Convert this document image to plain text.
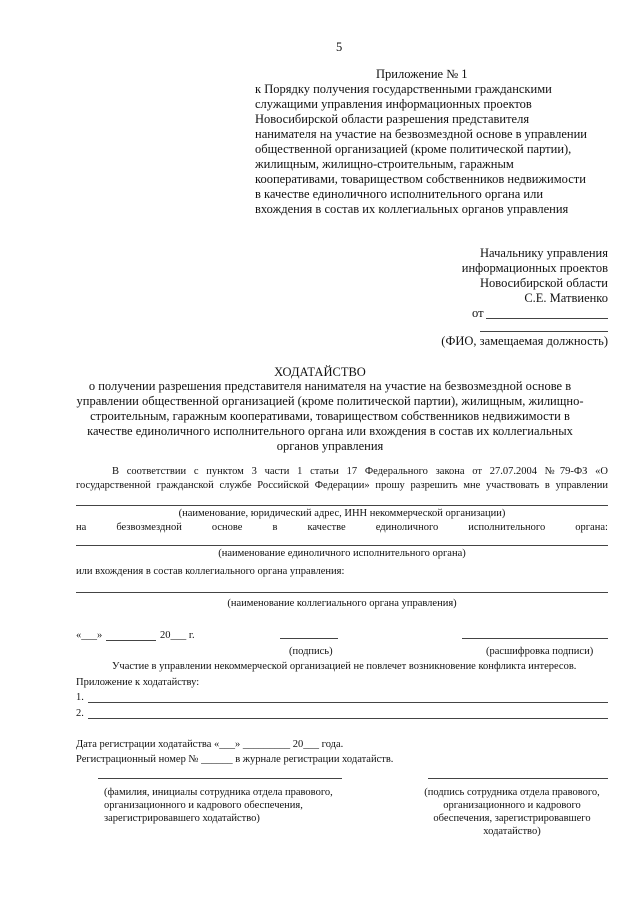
5
Приложение № 1
к Порядку получения государственными гражданскими
служащими управления информационных проектов
Новосибирской области разрешения представителя
нанимателя на участие на безвозмездной основе в управлении
общественной организацией (кроме политической партии),
жилищным, жилищно-строительным, гаражным
кооперативами, товариществом собственников недвижимости
в качестве единоличного исполнительного органа или
вхождения в состав их коллегиальных органов управления
Начальнику управления
информационных проектов
Новосибирской области
С.Е. Матвиенко
от
(ФИО, замещаемая должность)
ХОДАТАЙСТВО
о получении разрешения представителя нанимателя на участие на безвозмездной основе в
управлении общественной организацией (кроме политической партии), жилищным, жилищно-
строительным, гаражным кооперативами, товариществом собственников недвижимости в
качестве единоличного исполнительного органа или вхождения в состав их коллегиальных
органов управления
В соответствии с пунктом 3 части 1 статьи 17 Федерального закона от 27.07.2004 №79-ФЗ «О
государственной гражданской службе Российской Федерации» прошу разрешить мне участвовать в управлении
(наименование, юридический адрес, ИНН некоммерческой организации)
на	безвозмездной	основе	в	качестве	единоличного	исполнительного	органа:
(наименование единоличного исполнительного органа)
или вхождения в состав коллегиального органа управления:
(наименование коллегиального органа управления)
«___»	20___ г.
(подпись)	(расшифровка подписи)
Участие в управлении некоммерческой организацией не повлечет возникновение конфликта интересов.
Приложение к ходатайству:
1.
2.
Дата регистрации ходатайства «___» _________ 20___ года.
Регистрационный номер № ______ в журнале регистрации ходатайств.
(фамилия, инициалы сотрудника отдела правового,
организационного и кадрового обеспечения,
зарегистрировавшего ходатайство)
(подпись сотрудника отдела правового,
организационного и кадрового
обеспечения, зарегистрировавшего
ходатайство)
